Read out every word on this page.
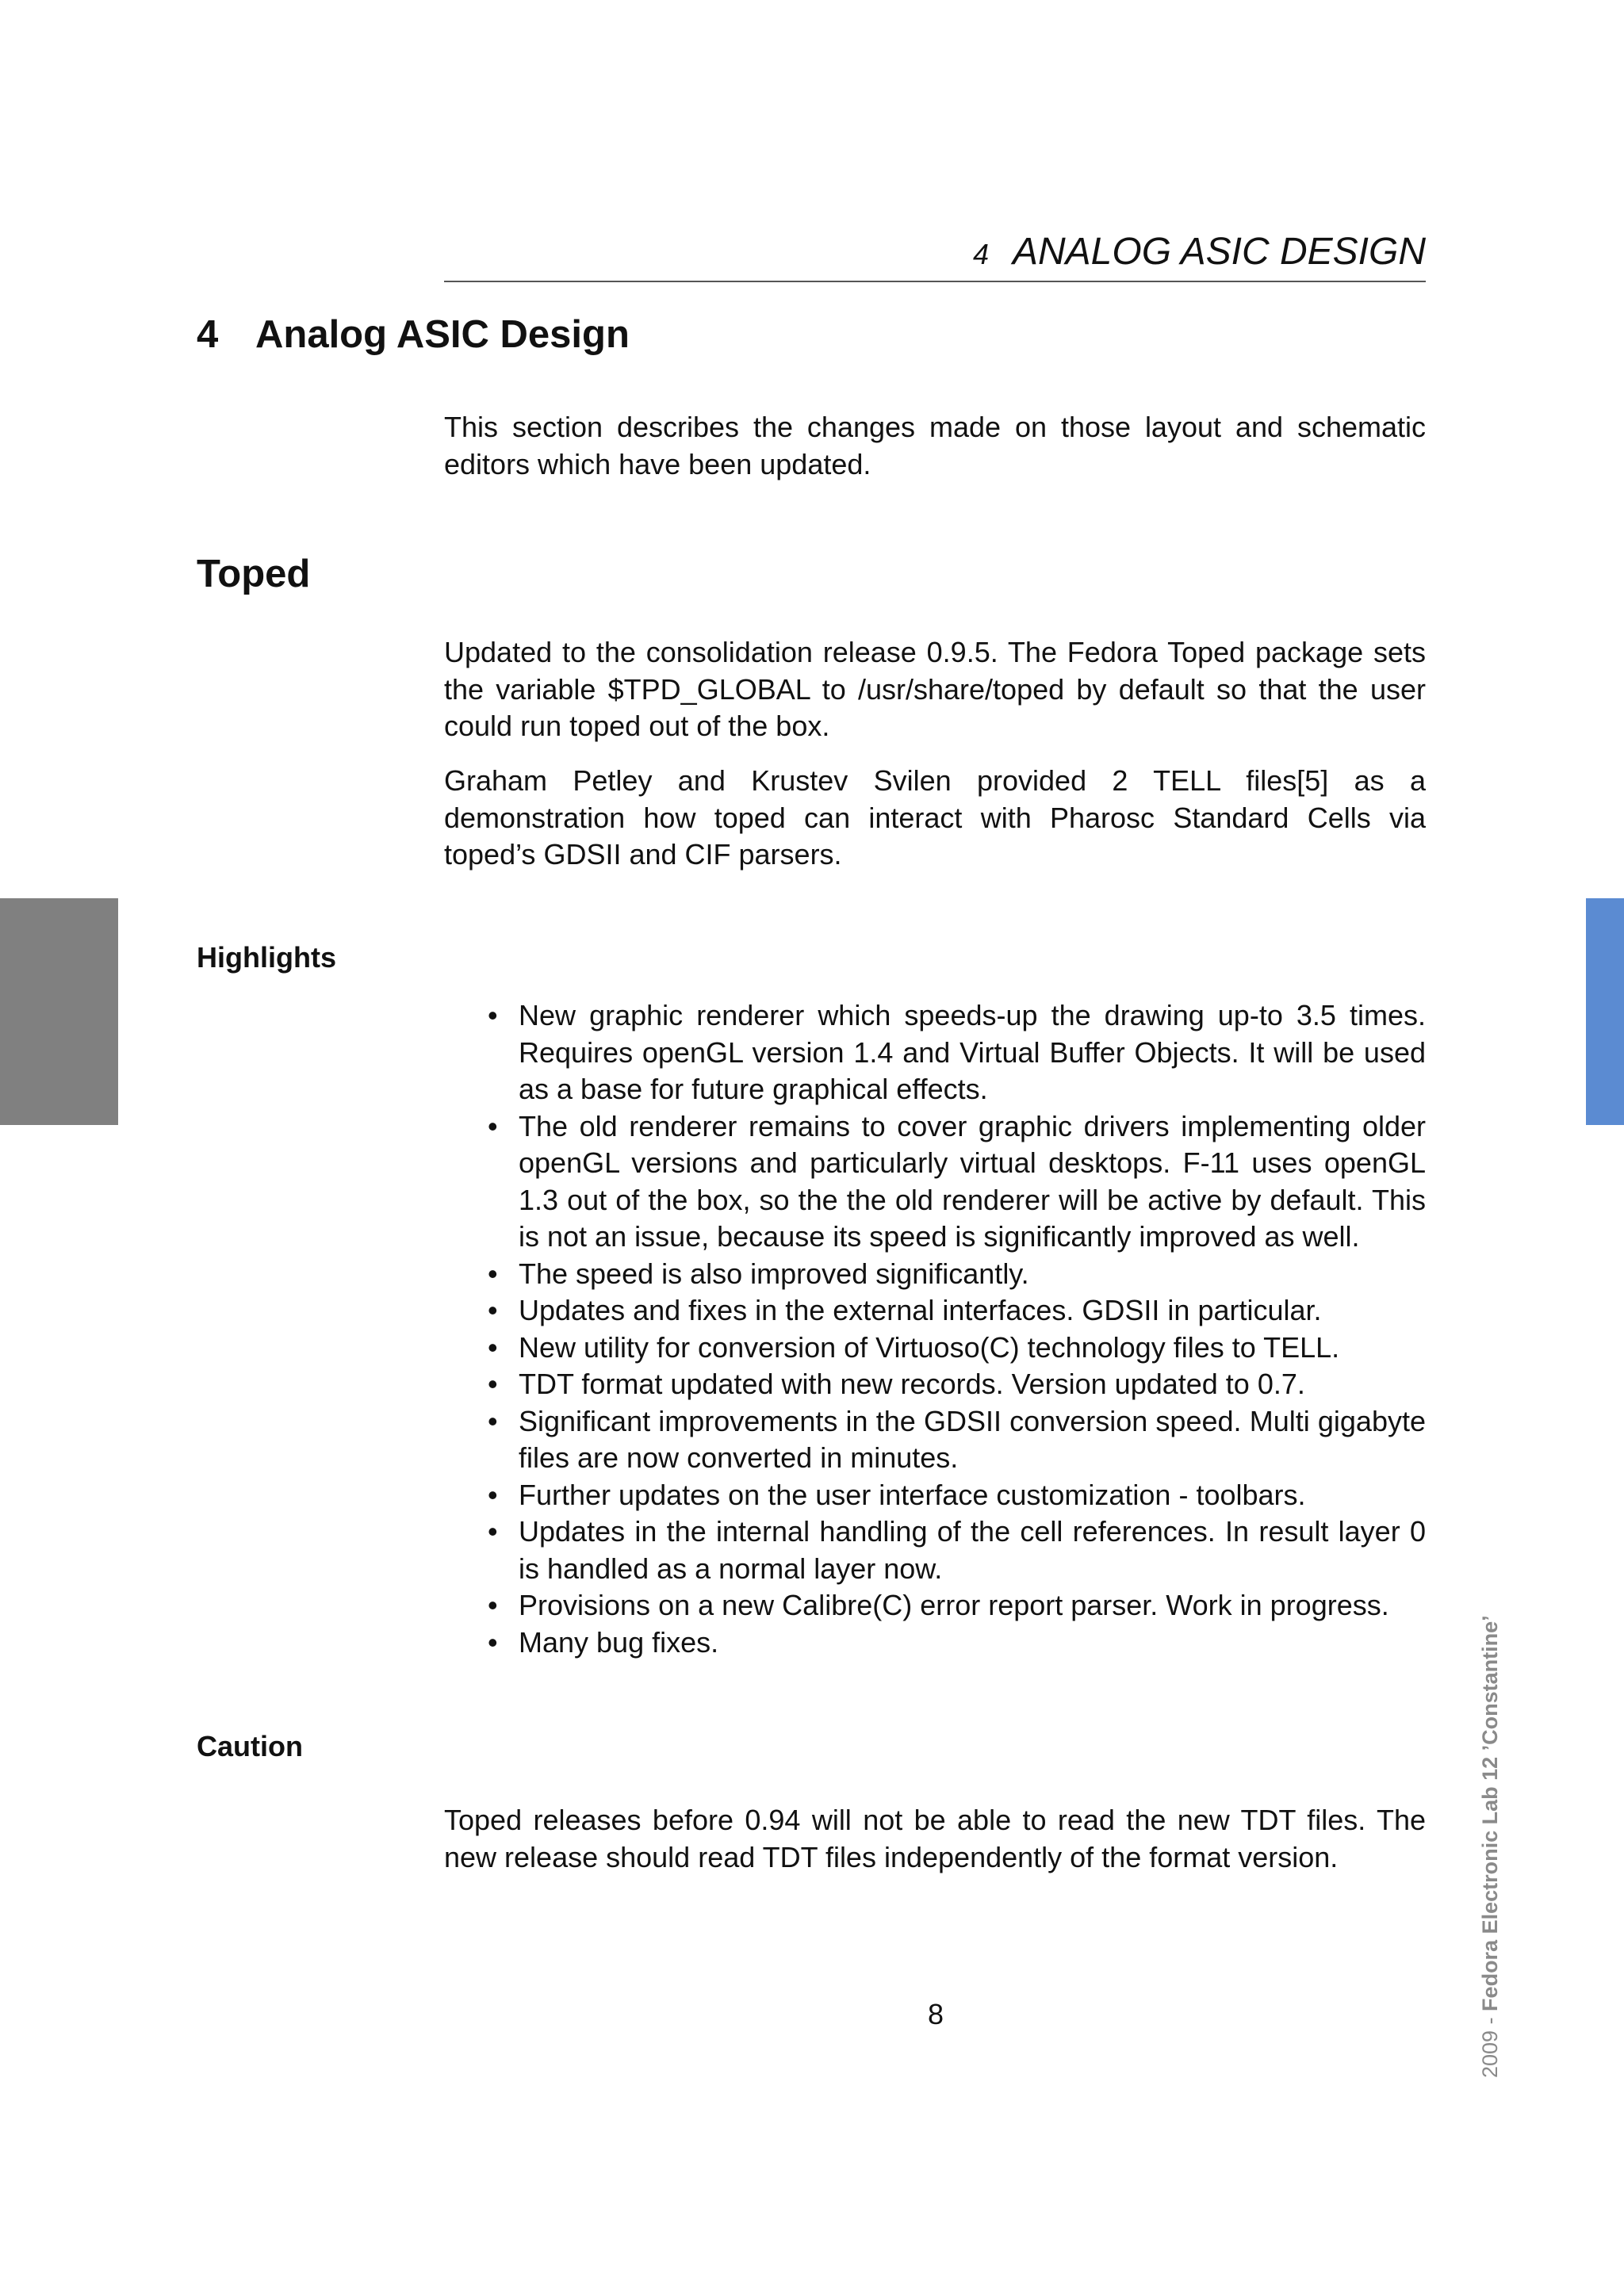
4 ANALOG ASIC DESIGN
4 Analog ASIC Design

This section describes the changes made on those layout and schematic editors which have been updated.

Toped

Updated to the consolidation release 0.9.5. The Fedora Toped package sets the variable $TPD_GLOBAL to /usr/share/toped by default so that the user could run toped out of the box.

Graham Petley and Krustev Svilen provided 2 TELL files[5] as a demonstration how toped can interact with Pharosc Standard Cells via toped’s GDSII and CIF parsers.

Highlights
• New graphic renderer which speeds-up the drawing up-to 3.5 times. Requires openGL version 1.4 and Virtual Buffer Objects. It will be used as a base for future graphical effects.
• The old renderer remains to cover graphic drivers implementing older openGL versions and particularly virtual desktops. F-11 uses openGL 1.3 out of the box, so the the old renderer will be active by default. This is not an issue, because its speed is significantly improved as well.
• The speed is also improved significantly.
• Updates and fixes in the external interfaces. GDSII in particular.
• New utility for conversion of Virtuoso(C) technology files to TELL.
• TDT format updated with new records. Version updated to 0.7.
• Significant improvements in the GDSII conversion speed. Multi gigabyte files are now converted in minutes.
• Further updates on the user interface customization - toolbars.
• Updates in the internal handling of the cell references. In result layer 0 is handled as a normal layer now.
• Provisions on a new Calibre(C) error report parser. Work in progress.
• Many bug fixes.
Caution

Toped releases before 0.94 will not be able to read the new TDT files. The new release should read TDT files independently of the format version.

8	2009 - Fedora Electronic Lab 12 ’Constantine’
